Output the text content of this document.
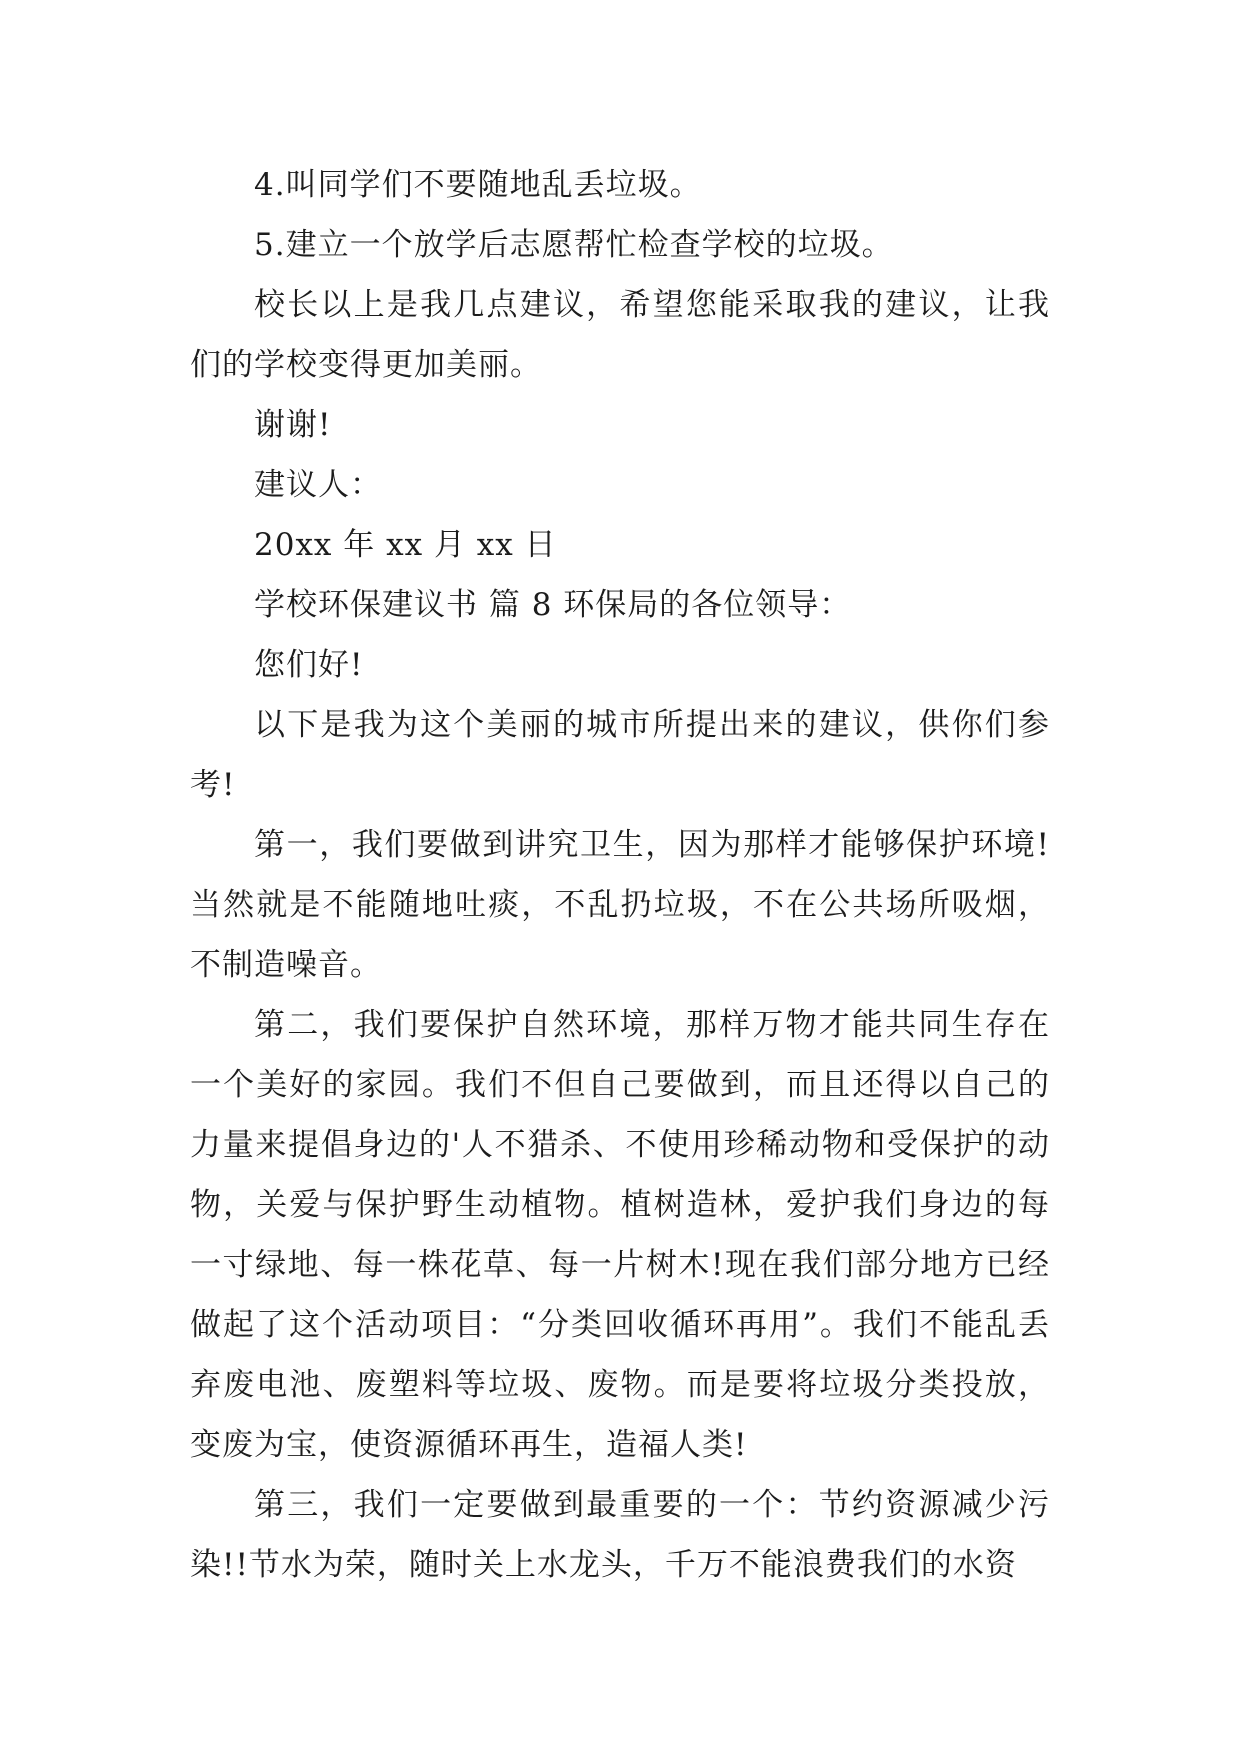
4.叫同学们不要随地乱丢垃圾。

5.建立一个放学后志愿帮忙检查学校的垃圾。

校长以上是我几点建议，希望您能采取我的建议，让我们的学校变得更加美丽。

谢谢!

建议人：

20xx 年 xx 月 xx 日

学校环保建议书 篇 8 环保局的各位领导：

您们好!

以下是我为这个美丽的城市所提出来的建议，供你们参考!

第一，我们要做到讲究卫生，因为那样才能够保护环境!当然就是不能随地吐痰，不乱扔垃圾，不在公共场所吸烟，不制造噪音。

第二，我们要保护自然环境，那样万物才能共同生存在一个美好的家园。我们不但自己要做到，而且还得以自己的力量来提倡身边的'人不猎杀、不使用珍稀动物和受保护的动物，关爱与保护野生动植物。植树造林，爱护我们身边的每一寸绿地、每一株花草、每一片树木!现在我们部分地方已经做起了这个活动项目：“分类回收循环再用”。我们不能乱丢弃废电池、废塑料等垃圾、废物。而是要将垃圾分类投放，变废为宝，使资源循环再生，造福人类!

第三，我们一定要做到最重要的一个：节约资源减少污染!!节水为荣，随时关上水龙头，千万不能浪费我们的水资
